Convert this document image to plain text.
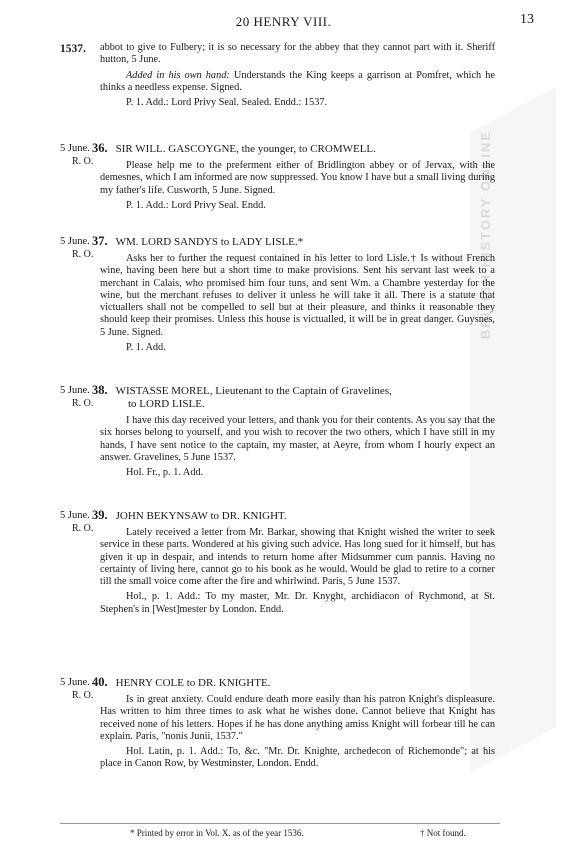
BRITISH HISTORY ONLINE
20 HENRY VIII.	13
1537. abbot to give to Fulbery; it is so necessary for the abbey that they cannot part with it. Sheriff hutton, 5 June.

Added in his own hand: Understands the King keeps a garrison at Pomfret, which he thinks a needless expense. Signed.

P. 1. Add.: Lord Privy Seal. Sealed. Endd.: 1537.

5 June.
R. O.
36. SIR WILL. GASCOYGNE, the younger, to CROMWELL.

Please help me to the preferment either of Bridlington abbey or of Jervax, with the demesnes, which I am informed are now suppressed. You know I have but a small living during my father's life. Cusworth, 5 June. Signed.

P. 1. Add.: Lord Privy Seal. Endd.

5 June.
R. O.
37. WM. LORD SANDYS to LADY LISLE.*

Asks her to further the request contained in his letter to lord Lisle.† Is without French wine, having been here but a short time to make provisions. Sent his servant last week to a merchant in Calais, who promised him four tuns, and sent Wm. a Chambre yesterday for the wine, but the merchant refuses to deliver it unless he will take it all. There is a statute that victuallers shall not be compelled to sell but at their pleasure, and thinks it reasonable they should keep their promises. Unless this house is victualled, it will be in great danger. Guysnes, 5 June. Signed.

P. 1. Add.

5 June.
R. O.
38. WISTASSE MOREL, Lieutenant to the Captain of Gravelines,
to LORD LISLE.

I have this day received your letters, and thank you for their contents. As you say that the six horses belong to yourself, and you wish to recover the two others, which I have still in my hands, I have sent notice to the captain, my master, at Aeyre, from whom I hourly expect an answer. Gravelines, 5 June 1537.

Hol. Fr., p. 1. Add.

5 June.
R. O.
39. JOHN BEKYNSAW to DR. KNIGHT.

Lately received a letter from Mr. Barkar, showing that Knight wished the writer to seek service in these parts. Wondered at his giving such advice. Has long sued for it himself, but has given it up in despair, and intends to return home after Midsummer cum pannis. Having no certainty of living here, cannot go to his book as he would. Would be glad to retire to a corner till the small voice come after the fire and whirlwind. Paris, 5 June 1537.

Hol., p. 1. Add.: To my master, Mr. Dr. Knyght, archidiacon of Rychmond, at St. Stephen's in [West]mester by London. Endd.

5 June.
R. O.
40. HENRY COLE to DR. KNIGHTE.

Is in great anxiety. Could endure death more easily than his patron Knight's displeasure. Has written to him three times to ask what he wishes done. Cannot believe that Knight has received none of his letters. Hopes if he has done anything amiss Knight will forbear till he can explain. Paris, "nonis Junii, 1537."

Hol. Latin, p. 1. Add.: To, &c. "Mr. Dr. Knighte, archedecon of Richemonde"; at his place in Canon Row, by Westminster, London. Endd.

* Printed by error in Vol. X. as of the year 1536.	† Not found.
